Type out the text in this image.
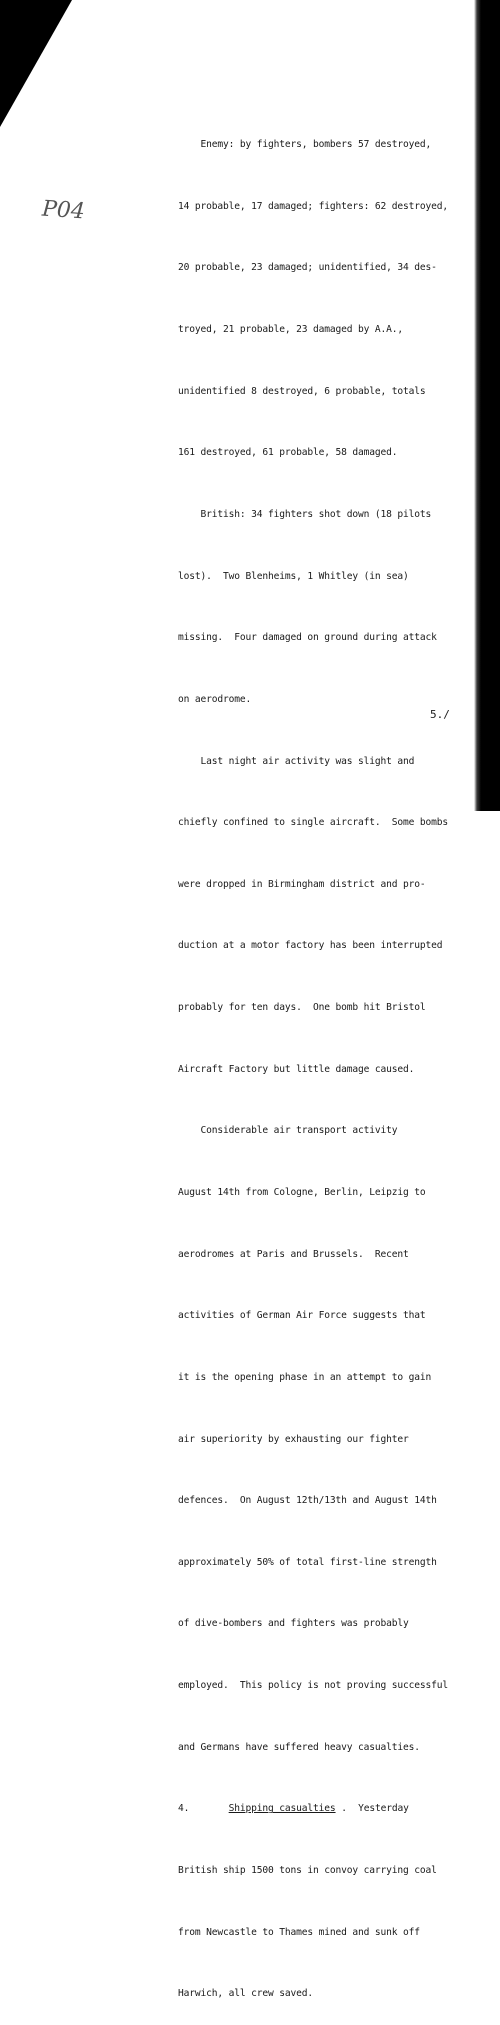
P04

Enemy: by fighters, bombers 57 destroyed,

14 probable, 17 damaged; fighters: 62 destroyed,

20 probable, 23 damaged; unidentified, 34 des-

troyed, 21 probable, 23 damaged by A.A.,

unidentified 8 destroyed, 6 probable, totals

161 destroyed, 61 probable, 58 damaged.

British: 34 fighters shot down (18 pilots

lost).  Two Blenheims, 1 Whitley (in sea)

missing.  Four damaged on ground during attack

on aerodrome.

Last night air activity was slight and

chiefly confined to single aircraft.  Some bombs

were dropped in Birmingham district and pro-

duction at a motor factory has been interrupted

probably for ten days.  One bomb hit Bristol

Aircraft Factory but little damage caused.

Considerable air transport activity

August 14th from Cologne, Berlin, Leipzig to

aerodromes at Paris and Brussels.  Recent

activities of German Air Force suggests that

it is the opening phase in an attempt to gain

air superiority by exhausting our fighter

defences.  On August 12th/13th and August 14th

approximately 50% of total first-line strength

of dive-bombers and fighters was probably

employed.  This policy is not proving successful

and Germans have suffered heavy casualties.

4.	Shipping casualties .  Yesterday

British ship 1500 tons in convoy carrying coal

from Newcastle to Thames mined and sunk off

Harwich, all crew saved.

5./
